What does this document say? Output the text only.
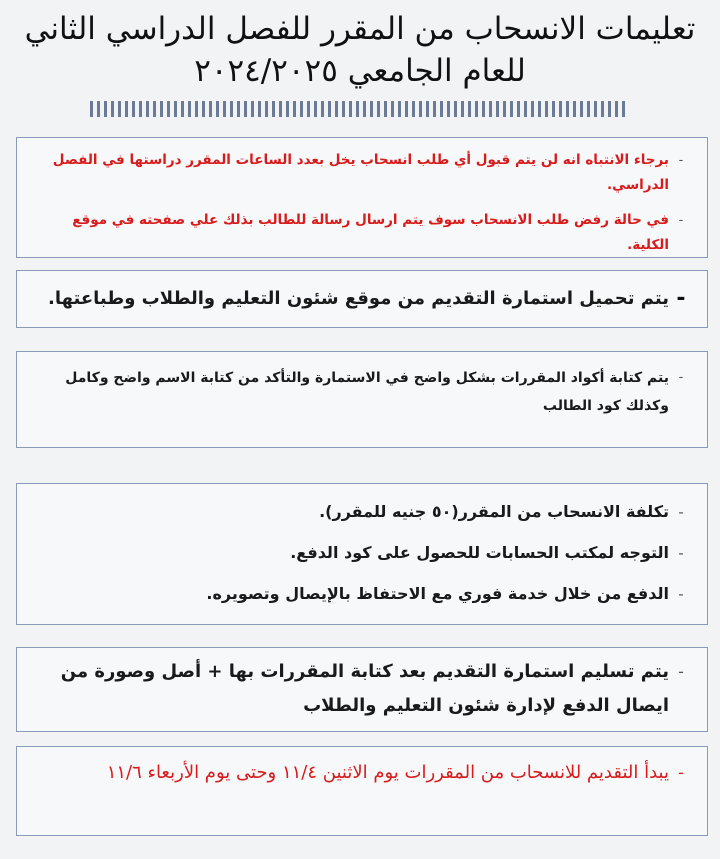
تعليمات الانسحاب من المقرر للفصل الدراسي الثاني
للعام الجامعي ٢٠٢٤/٢٠٢٥
-
برجاء الانتباه انه لن يتم قبول أي طلب انسحاب يخل بعدد الساعات المقرر دراستها في الفصل الدراسي.
-
في حالة رفض طلب الانسحاب سوف يتم ارسال رسالة للطالب بذلك علي صفحته في موقع الكلية.
-
يتم تحميل استمارة التقديم من موقع شئون التعليم والطلاب وطباعتها.
-
يتم كتابة أكواد المقررات بشكل واضح في الاستمارة والتأكد من كتابة الاسم واضح وكامل وكذلك كود الطالب
-
تكلفة الانسحاب من المقرر(٥٠ جنيه للمقرر).
-
التوجه لمكتب الحسابات للحصول على كود الدفع.
-
الدفع من خلال خدمة فوري مع الاحتفاظ بالإيصال وتصويره.
-
يتم تسليم استمارة التقديم بعد كتابة المقررات بها + أصل وصورة من ايصال الدفع لإدارة شئون التعليم والطلاب
-
يبدأ التقديم للانسحاب من المقررات يوم الاثنين ١١/٤ وحتى يوم الأربعاء ١١/٦
